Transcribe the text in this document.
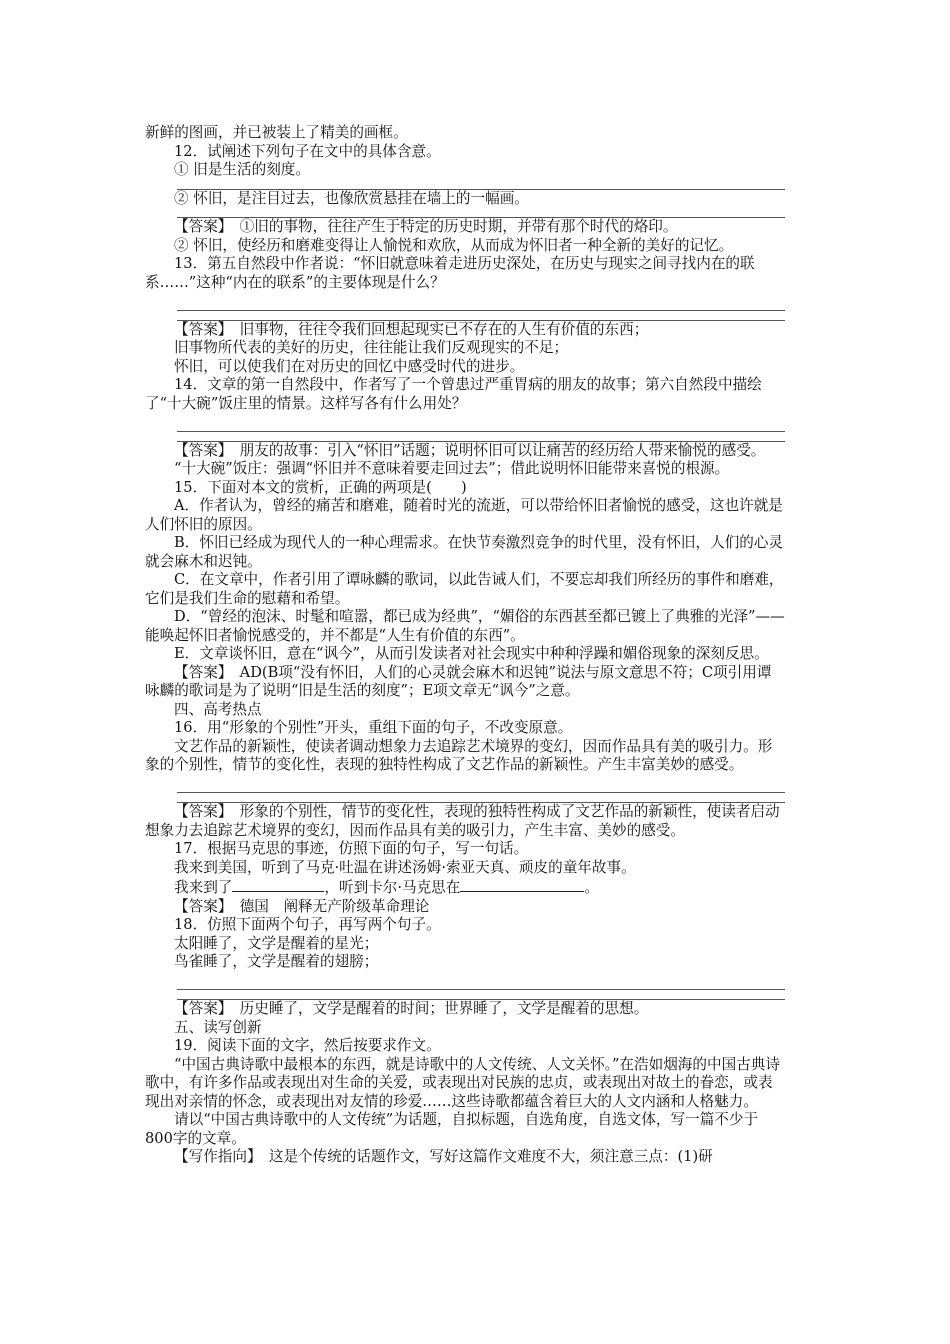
新鲜的图画，并已被装上了精美的画框。

12．试阐述下列句子在文中的具体含意。

① 旧是生活的刻度。

② 怀旧，是注目过去，也像欣赏悬挂在墙上的一幅画。

【答案】　①旧的事物，往往产生于特定的历史时期，并带有那个时代的烙印。

② 怀旧，使经历和磨难变得让人愉悦和欢欣，从而成为怀旧者一种全新的美好的记忆。

13．第五自然段中作者说：“怀旧就意味着走进历史深处，在历史与现实之间寻找内在的联系……”这种“内在的联系”的主要体现是什么？

【答案】　旧事物，往往令我们回想起现实已不存在的人生有价值的东西；

旧事物所代表的美好的历史，往往能让我们反观现实的不足；

怀旧，可以使我们在对历史的回忆中感受时代的进步。

14．文章的第一自然段中，作者写了一个曾患过严重胃病的朋友的故事；第六自然段中描绘了“十大碗”饭庄里的情景。这样写各有什么用处？

【答案】　朋友的故事：引入“怀旧”话题；说明怀旧可以让痛苦的经历给人带来愉悦的感受。

“十大碗”饭庄：强调“怀旧并不意味着要走回过去”；借此说明怀旧能带来喜悦的根源。

15．下面对本文的赏析，正确的两项是(　　)

A．作者认为，曾经的痛苦和磨难，随着时光的流逝，可以带给怀旧者愉悦的感受，这也许就是人们怀旧的原因。

B．怀旧已经成为现代人的一种心理需求。在快节奏激烈竞争的时代里，没有怀旧，人们的心灵就会麻木和迟钝。

C．在文章中，作者引用了谭咏麟的歌词，以此告诫人们，不要忘却我们所经历的事件和磨难，它们是我们生命的慰藉和希望。

D．“曾经的泡沫、时髦和喧嚣，都已成为经典”，“媚俗的东西甚至都已镀上了典雅的光泽”——能唤起怀旧者愉悦感受的，并不都是“人生有价值的东西”。

E．文章谈怀旧，意在“讽今”，从而引发读者对社会现实中种种浮躁和媚俗现象的深刻反思。

【答案】　AD(B项“没有怀旧，人们的心灵就会麻木和迟钝”说法与原文意思不符；C项引用谭咏麟的歌词是为了说明“旧是生活的刻度”；E项文章无“讽今”之意。

四、高考热点

16．用“形象的个别性”开头，重组下面的句子，不改变原意。

文艺作品的新颖性，使读者调动想象力去追踪艺术境界的变幻，因而作品具有美的吸引力。形象的个别性，情节的变化性，表现的独特性构成了文艺作品的新颖性。产生丰富美妙的感受。

【答案】　形象的个别性，情节的变化性，表现的独特性构成了文艺作品的新颖性，使读者启动想象力去追踪艺术境界的变幻，因而作品具有美的吸引力，产生丰富、美妙的感受。

17．根据马克思的事迹，仿照下面的句子，写一句话。

我来到美国，听到了马克·吐温在讲述汤姆·索亚天真、顽皮的童年故事。

我来到了	，听到卡尔·马克思在	。

【答案】　德国　阐释无产阶级革命理论

18．仿照下面两个句子，再写两个句子。

太阳睡了，文学是醒着的星光；

鸟雀睡了，文学是醒着的翅膀；

【答案】　历史睡了，文学是醒着的时间；世界睡了，文学是醒着的思想。

五、读写创新

19．阅读下面的文字，然后按要求作文。

“中国古典诗歌中最根本的东西，就是诗歌中的人文传统、人文关怀。”在浩如烟海的中国古典诗歌中，有许多作品或表现出对生命的关爱，或表现出对民族的忠贞，或表现出对故土的眷恋，或表现出对亲情的怀念，或表现出对友情的珍爱……这些诗歌都蕴含着巨大的人文内涵和人格魅力。

请以“中国古典诗歌中的人文传统”为话题，自拟标题，自选角度，自选文体，写一篇不少于800字的文章。

【写作指向】　这是个传统的话题作文，写好这篇作文难度不大，须注意三点：(1)研
